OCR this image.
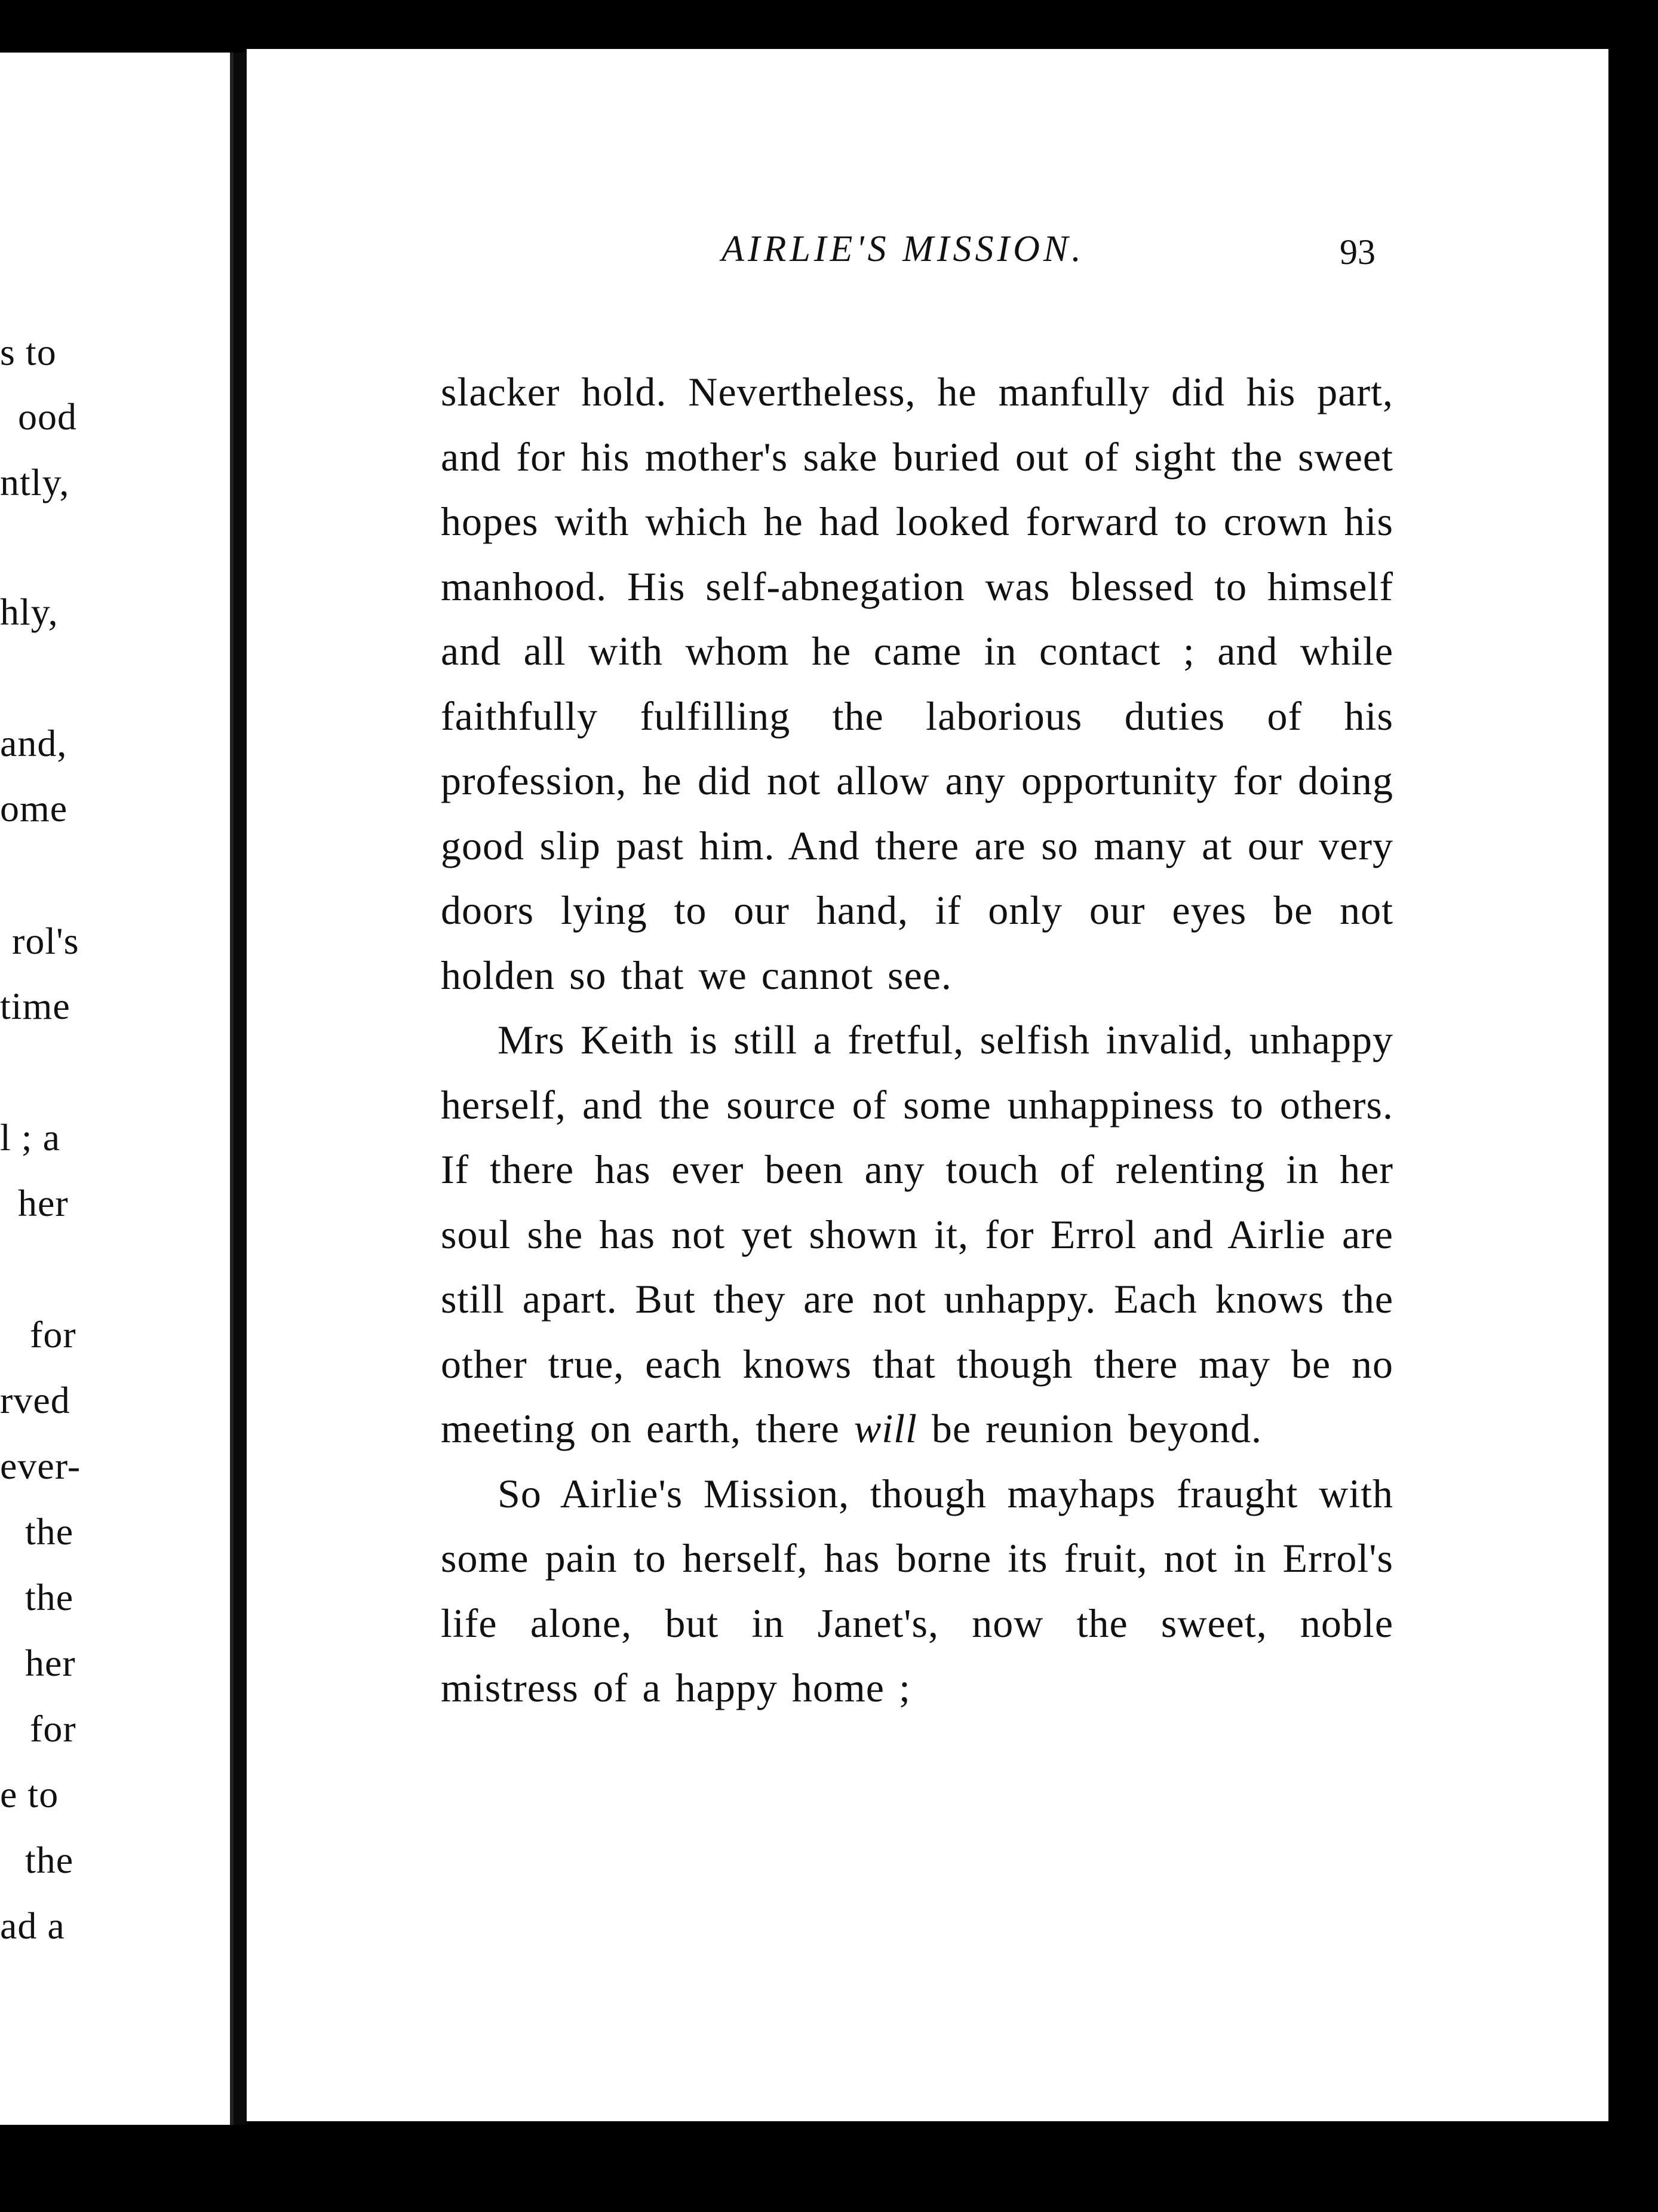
s to
ood
ntly,
hly,
and,
ome
rol's
time
l ; a
her
for
rved
ever-
the
the
her
for
e to
the
ad a
AIRLIE'S MISSION.	93

slacker hold. Nevertheless, he manfully did his part, and for his mother's sake buried out of sight the sweet hopes with which he had looked forward to crown his manhood. His self-abnegation was blessed to himself and all with whom he came in contact ; and while faithfully fulfilling the laborious duties of his profession, he did not allow any opportunity for doing good slip past him. And there are so many at our very doors lying to our hand, if only our eyes be not holden so that we cannot see.

Mrs Keith is still a fretful, selfish invalid, unhappy herself, and the source of some unhappiness to others. If there has ever been any touch of relenting in her soul she has not yet shown it, for Errol and Airlie are still apart. But they are not unhappy. Each knows the other true, each knows that though there may be no meeting on earth, there will be reunion beyond.

So Airlie's Mission, though mayhaps fraught with some pain to herself, has borne its fruit, not in Errol's life alone, but in Janet's, now the sweet, noble mistress of a happy home ;
